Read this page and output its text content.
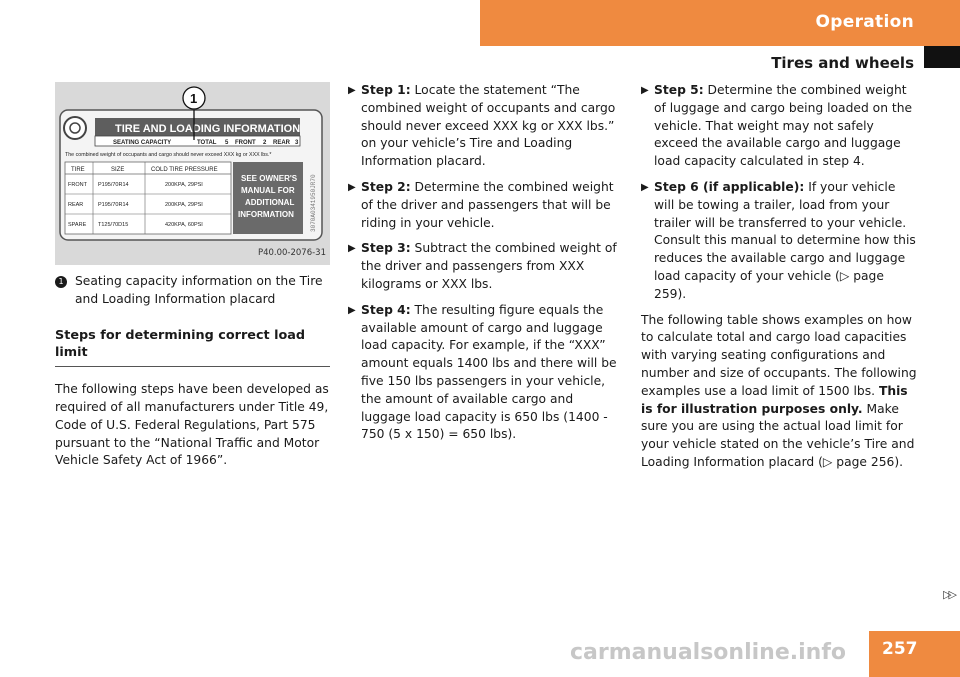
Operation
Tires and wheels
TIRE AND LOADING INFORMATION
SEATING CAPACITY	TOTAL 5 FRONT 2 REAR 3
The combined weight of occupants and cargo should never exceed XXX kg or XXX lbs.*
TIRE	SIZE	COLD TIRE PRESSURE
FRONT P195/70R14	200KPA, 29PSI
REAR	P195/70R14	200KPA, 29PSI
SPARE T125/70D15	420KPA, 60PSI
SEE OWNER'S
MANUAL FOR
ADDITIONAL
INFORMATION	3070A0341950JR70
1
P40.00-2076-31
1 Seating capacity information on the Tire and Loading Information placard
Steps for determining correct load limit

The following steps have been developed as required of all manufacturers under Title 49, Code of U.S. Federal Regulations, Part 575 pursuant to the “National Traffic and Motor Vehicle Safety Act of 1966”.

▶ Step 1: Locate the statement “The combined weight of occupants and cargo should never exceed XXX kg or XXX lbs.” on your vehicle’s Tire and Loading Information placard.
▶ Step 2: Determine the combined weight of the driver and passengers that will be riding in your vehicle.
▶ Step 3: Subtract the combined weight of the driver and passengers from XXX kilograms or XXX lbs.
▶ Step 4: The resulting figure equals the available amount of cargo and luggage load capacity. For example, if the “XXX” amount equals 1400 lbs and there will be five 150 lbs passengers in your vehicle, the amount of available cargo and luggage load capacity is 650 lbs (1400 - 750 (5 x 150) = 650 lbs).
▶ Step 5: Determine the combined weight of luggage and cargo being loaded on the vehicle. That weight may not safely exceed the available cargo and luggage load capacity calculated in step 4.
▶ Step 6 (if applicable): If your vehicle will be towing a trailer, load from your trailer will be transferred to your vehicle. Consult this manual to determine how this reduces the available cargo and luggage load capacity of your vehicle (▷ page 259).

The following table shows examples on how to calculate total and cargo load capacities with varying seating configurations and number and size of occupants. The following examples use a load limit of 1500 lbs. This is for illustration purposes only. Make sure you are using the actual load limit for your vehicle stated on the vehicle’s Tire and Loading Information placard (▷ page 256).

▷▷
carmanualsonline.info 257
